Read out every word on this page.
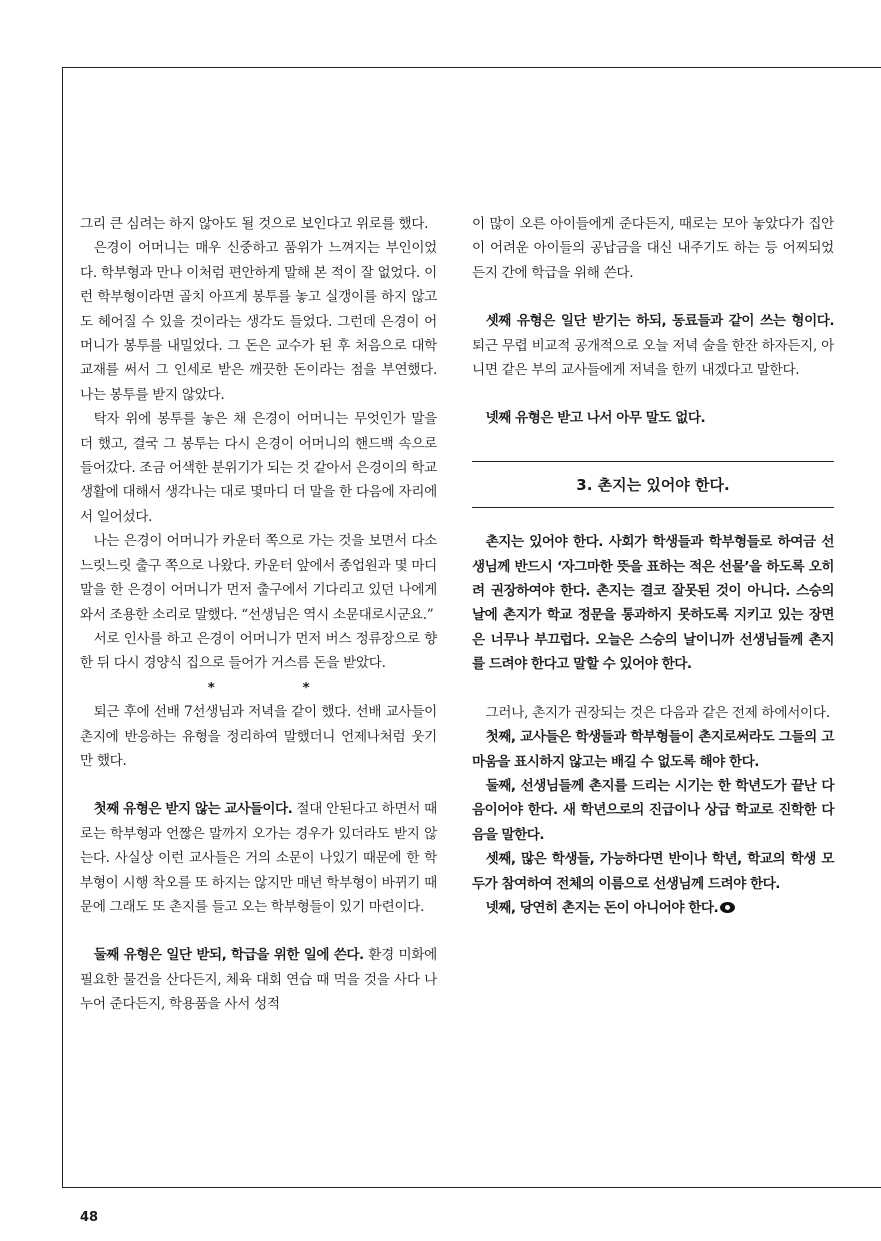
그리 큰 심려는 하지 않아도 될 것으로 보인다고 위로를 했다.

은경이 어머니는 매우 신중하고 품위가 느껴지는 부인이었다. 학부형과 만나 이처럼 편안하게 말해 본 적이 잘 없었다. 이런 학부형이라면 골치 아프게 봉투를 놓고 실갱이를 하지 않고도 헤어질 수 있을 것이라는 생각도 들었다. 그런데 은경이 어머니가 봉투를 내밀었다. 그 돈은 교수가 된 후 처음으로 대학교재를 써서 그 인세로 받은 깨끗한 돈이라는 점을 부연했다. 나는 봉투를 받지 않았다.

탁자 위에 봉투를 놓은 채 은경이 어머니는 무엇인가 말을 더 했고, 결국 그 봉투는 다시 은경이 어머니의 핸드백 속으로 들어갔다. 조금 어색한 분위기가 되는 것 같아서 은경이의 학교 생활에 대해서 생각나는 대로 몇마디 더 말을 한 다음에 자리에서 일어섰다.

나는 은경이 어머니가 카운터 쪽으로 가는 것을 보면서 다소 느릿느릿 출구 쪽으로 나왔다. 카운터 앞에서 종업원과 몇 마디 말을 한 은경이 어머니가 먼저 출구에서 기다리고 있던 나에게 와서 조용한 소리로 말했다. “선생님은 역시 소문대로시군요.”

서로 인사를 하고 은경이 어머니가 먼저 버스 정류장으로 향한 뒤 다시 경양식 집으로 들어가 거스름 돈을 받았다.

*	*

퇴근 후에 선배 7선생님과 저녁을 같이 했다. 선배 교사들이 촌지에 반응하는 유형을 정리하여 말했더니 언제나처럼 웃기만 했다.

첫째 유형은 받지 않는 교사들이다. 절대 안된다고 하면서 때로는 학부형과 언짢은 말까지 오가는 경우가 있더라도 받지 않는다. 사실상 이런 교사들은 거의 소문이 나있기 때문에 한 학부형이 시행 착오를 또 하지는 않지만 매년 학부형이 바뀌기 때문에 그래도 또 촌지를 들고 오는 학부형들이 있기 마련이다.

둘째 유형은 일단 받되, 학급을 위한 일에 쓴다. 환경 미화에 필요한 물건을 산다든지, 체육 대회 연습 때 먹을 것을 사다 나누어 준다든지, 학용품을 사서 성적

이 많이 오른 아이들에게 준다든지, 때로는 모아 놓았다가 집안이 어려운 아이들의 공납금을 대신 내주기도 하는 등 어찌되었든지 간에 학급을 위해 쓴다.

셋째 유형은 일단 받기는 하되, 동료들과 같이 쓰는 형이다. 퇴근 무렵 비교적 공개적으로 오늘 저녁 술을 한잔 하자든지, 아니면 같은 부의 교사들에게 저녁을 한끼 내겠다고 말한다.

넷째 유형은 받고 나서 아무 말도 없다.

3. 촌지는 있어야 한다.

촌지는 있어야 한다. 사회가 학생들과 학부형들로 하여금 선생님께 반드시 ‘자그마한 뜻을 표하는 적은 선물’을 하도록 오히려 권장하여야 한다. 촌지는 결코 잘못된 것이 아니다. 스승의 날에 촌지가 학교 정문을 통과하지 못하도록 지키고 있는 장면은 너무나 부끄럽다. 오늘은 스승의 날이니까 선생님들께 촌지를 드려야 한다고 말할 수 있어야 한다.

그러나, 촌지가 권장되는 것은 다음과 같은 전제 하에서이다.

첫째, 교사들은 학생들과 학부형들이 촌지로써라도 그들의 고마움을 표시하지 않고는 배길 수 없도록 해야 한다.

둘째, 선생님들께 촌지를 드리는 시기는 한 학년도가 끝난 다음이어야 한다. 새 학년으로의 진급이나 상급 학교로 진학한 다음을 말한다.

셋째, 많은 학생들, 가능하다면 반이나 학년, 학교의 학생 모두가 참여하여 전체의 이름으로 선생님께 드려야 한다.

넷째, 당연히 촌지는 돈이 아니어야 한다.

48
